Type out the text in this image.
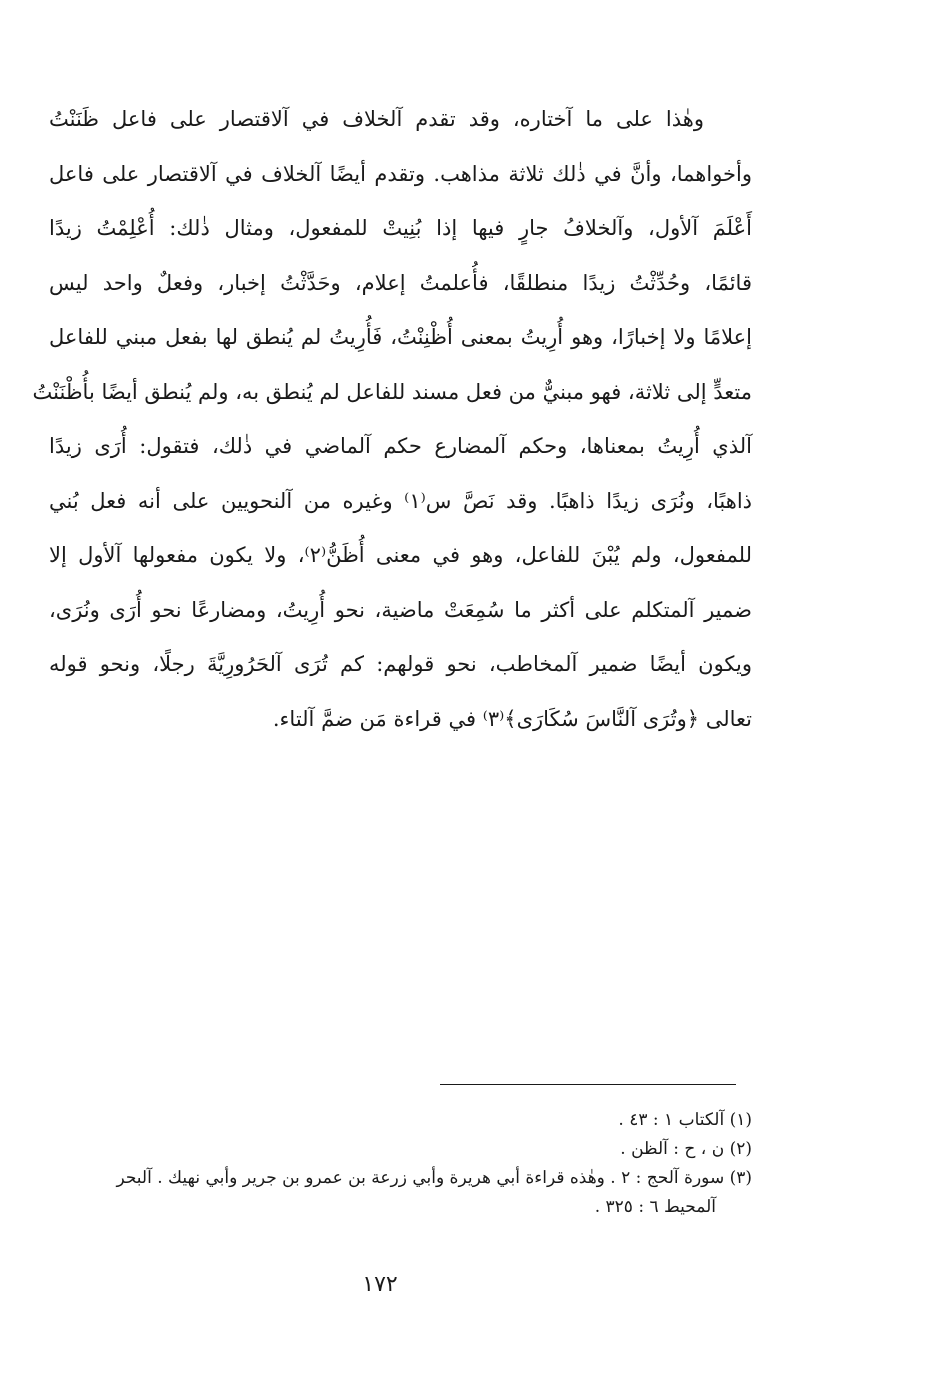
وهٰذا على ما آختاره، وقد تقدم آلخلاف في آلاقتصار على فاعل ظَنَنْتُ
وأخواهما، وأنَّ في ذٰلك ثلاثة مذاهب. وتقدم أيضًا آلخلاف في آلاقتصار على فاعل
أَعْلَمَ آلأول، وآلخلافُ جارٍ فيها إذا بُنِيتْ للمفعول، ومثال ذٰلك: أُعْلِمْتُ زيدًا
قائمًا، وحُدِّثْتُ زيدًا منطلقًا، فأُعلمتُ إعلام، وحَدَّثْتُ إخبار، وفعلٌ واحد ليس
إعلامًا ولا إخبارًا، وهو أُرِيتُ بمعنى أُظْنِنْتُ، فَأُرِيتُ لم يُنطق لها بفعل مبني للفاعل
متعدٍّ إلى ثلاثة، فهو مبنيٌّ من فعل مسند للفاعل لم يُنطق به، ولم يُنطق أيضًا بأُظْنَنْتُ
آلذي أُرِيتُ بمعناها، وحكم آلمضارع حكم آلماضي في ذٰلك، فتقول: أُرَى زيدًا
ذاهبًا، ونُرَى زيدًا ذاهبًا. وقد نَصَّ س⁽١⁾ وغيره من آلنحويين على أنه فعل بُني
للمفعول، ولم يُبْنَ للفاعل، وهو في معنى أُظَنُّ⁽٢⁾، ولا يكون مفعولها آلأول إلا
ضمير آلمتكلم على أكثر ما سُمِعَتْ ماضية، نحو أُرِيتُ، ومضارعًا نحو أُرَى ونُرَى،
ويكون أيضًا ضمير آلمخاطب، نحو قولهم: كم تُرَى آلحَرُورِيَّةَ رجلًا، ونحو قوله
تعالى ﴿وتُرَى آلنَّاسَ سُكَارَى﴾⁽٣⁾ في قراءة مَن ضمَّ آلتاء.
(١) آلكتاب ١ : ٤٣ .
(٢) ن ، ح : آلظن .
(٣) سورة آلحج : ٢ . وهٰذه قراءة أبي هريرة وأبي زرعة بن عمرو بن جرير وأبي نهيك . آلبحر
آلمحيط ٦ : ٣٢٥ .
١٧٢
